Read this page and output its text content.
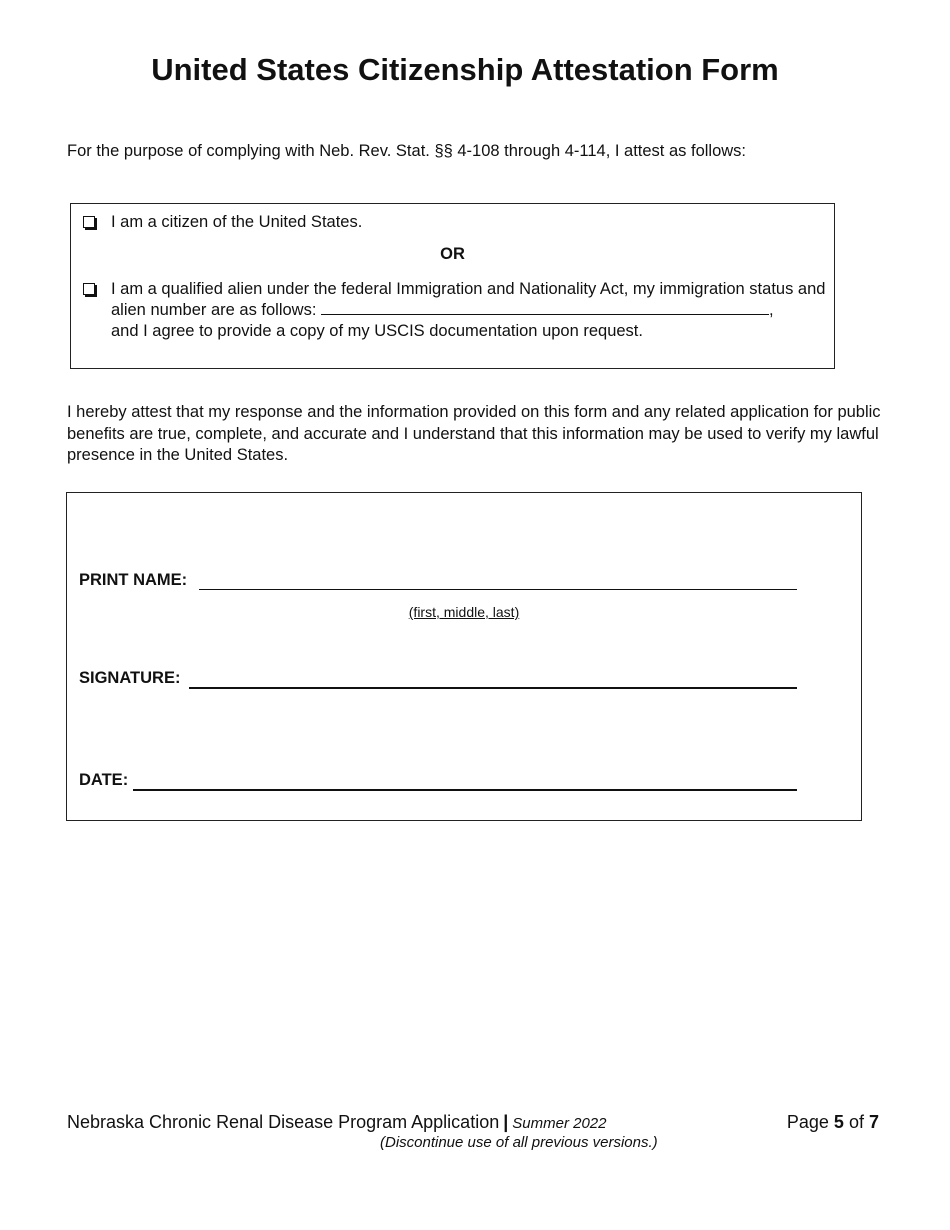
United States Citizenship Attestation Form

For the purpose of complying with Neb. Rev. Stat. §§ 4-108 through 4-114, I attest as follows:

I am a citizen of the United States.
OR
I am a qualified alien under the federal Immigration and Nationality Act, my immigration status and alien number are as follows:	,
and I agree to provide a copy of my USCIS documentation upon request.

I hereby attest that my response and the information provided on this form and any related application for public benefits are true, complete, and accurate and I understand that this information may be used to verify my lawful presence in the United States.

PRINT NAME:
(first, middle, last)
SIGNATURE:
DATE:
Nebraska Chronic Renal Disease Program Application | Summer 2022
(Discontinue use of all previous versions.)
Page 5 of 7
